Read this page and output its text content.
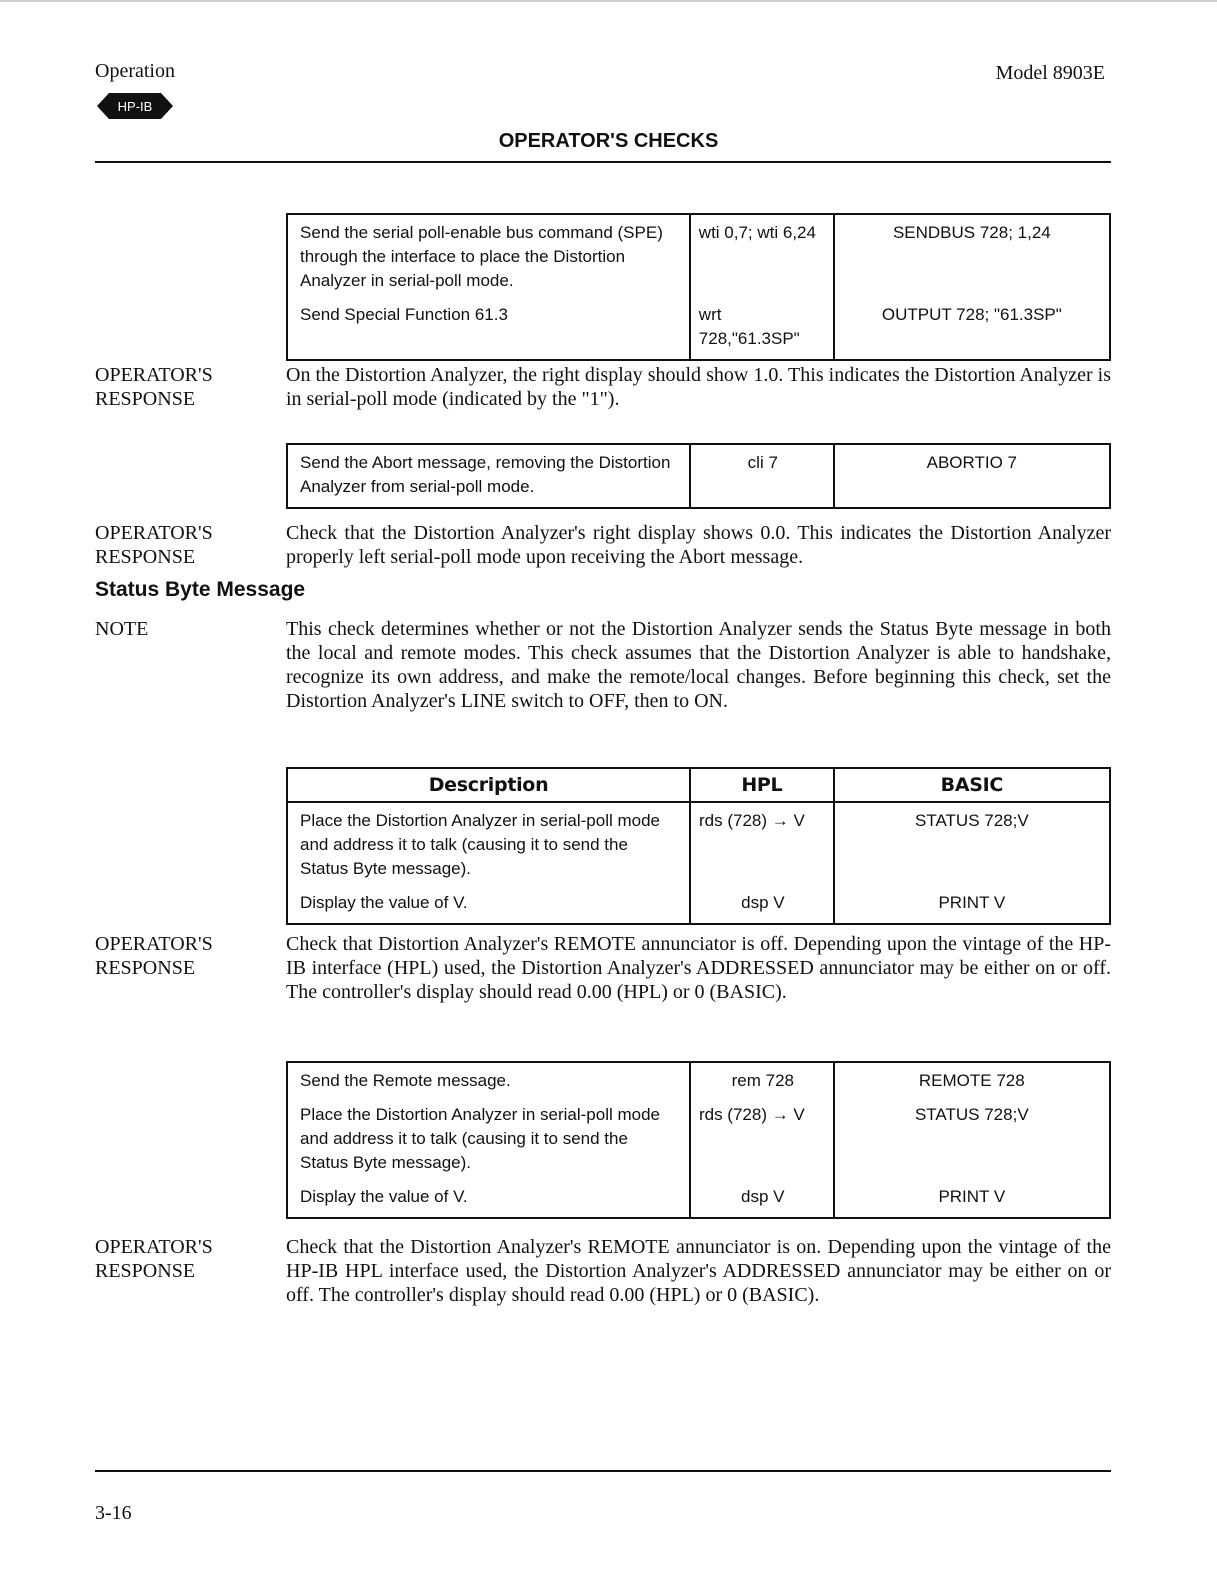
Operation	Model 8903E
HP-IB
OPERATOR'S CHECKS
Send the serial poll-enable bus command (SPE) through the interface to place the Distortion Analyzer in serial-poll mode.	wti 0,7; wti 6,24	SENDBUS 728; 1,24
Send Special Function 61.3	wrt 728,"61.3SP"	OUTPUT 728; "61.3SP"
OPERATOR'S
RESPONSE
On the Distortion Analyzer, the right display should show 1.0. This indicates the Distortion Analyzer is in serial-poll mode (indicated by the "1").
Send the Abort message, removing the Distortion Analyzer from serial-poll mode.	cli 7	ABORTIO 7
OPERATOR'S
RESPONSE
Check that the Distortion Analyzer's right display shows 0.0. This indicates the Distortion Analyzer properly left serial-poll mode upon receiving the Abort message.
Status Byte Message
NOTE	This check determines whether or not the Distortion Analyzer sends the Status Byte message in both the local and remote modes. This check assumes that the Distortion Analyzer is able to handshake, recognize its own address, and make the remote/local changes. Before beginning this check, set the Distortion Analyzer's LINE switch to OFF, then to ON.
Description	HPL	BASIC
Place the Distortion Analyzer in serial-poll mode and address it to talk (causing it to send the Status Byte message).	rds (728) → V	STATUS 728;V
Display the value of V.	dsp V	PRINT V
OPERATOR'S
RESPONSE
Check that Distortion Analyzer's REMOTE annunciator is off. Depending upon the vintage of the HP-IB interface (HPL) used, the Distortion Analyzer's ADDRESSED annunciator may be either on or off. The controller's display should read 0.00 (HPL) or 0 (BASIC).
Send the Remote message.	rem 728	REMOTE 728
Place the Distortion Analyzer in serial-poll mode and address it to talk (causing it to send the Status Byte message).	rds (728) → V	STATUS 728;V
Display the value of V.	dsp V	PRINT V
OPERATOR'S
RESPONSE
Check that the Distortion Analyzer's REMOTE annunciator is on. Depending upon the vintage of the HP-IB HPL interface used, the Distortion Analyzer's ADDRESSED annunciator may be either on or off. The controller's display should read 0.00 (HPL) or 0 (BASIC).
3-16
